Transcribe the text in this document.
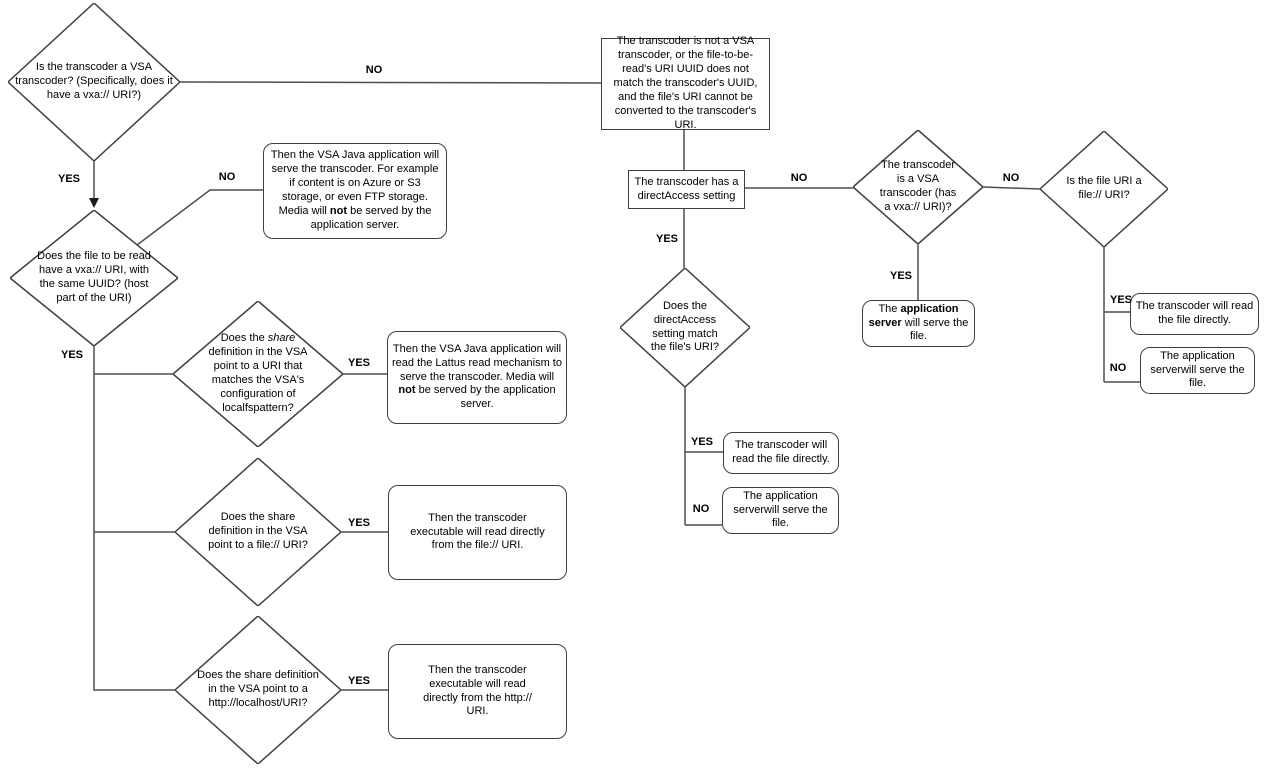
Is the transcoder a VSA transcoder? (Specifically, does it have a vxa:// URI?)
Does the file to be read have a vxa:// URI, with the same UUID? (host part of the URI)
Does the share definition in the VSA point to a URI that matches the VSA's configuration of localfspattern?
Does the share definition in the VSA point to a file:// URI?
Does the share definition in the VSA point to a http://localhost/URI?
Does the directAccess setting match the file's URI?
The transcoder is a VSA transcoder (has a vxa:// URI)?
Is the file URI a file:// URI?
The transcoder is not a VSA transcoder, or the file-to-be-read's URI UUID does not match the transcoder's UUID, and the file's URI cannot be converted to the transcoder's URI.
The transcoder has a directAccess setting
Then the VSA Java application will serve the transcoder. For example if content is on Azure or S3 storage, or even FTP storage. Media will not be served by the application server.
Then the VSA Java application will read the Lattus read mechanism to serve the transcoder. Media will not be served by the application server.
Then the transcoder executable will read directly from the file:// URI.
Then the transcoder executable will read directly from the http:// URI.
The transcoder will read the file directly.
The application serverwill serve the file.
The application server will serve the file.
The transcoder will read the file directly.
The application serverwill serve the file.
NO
YES	NO
YES
YES
YES
YES
YES
NO
YES
NO
YES
NO
YES
NO
